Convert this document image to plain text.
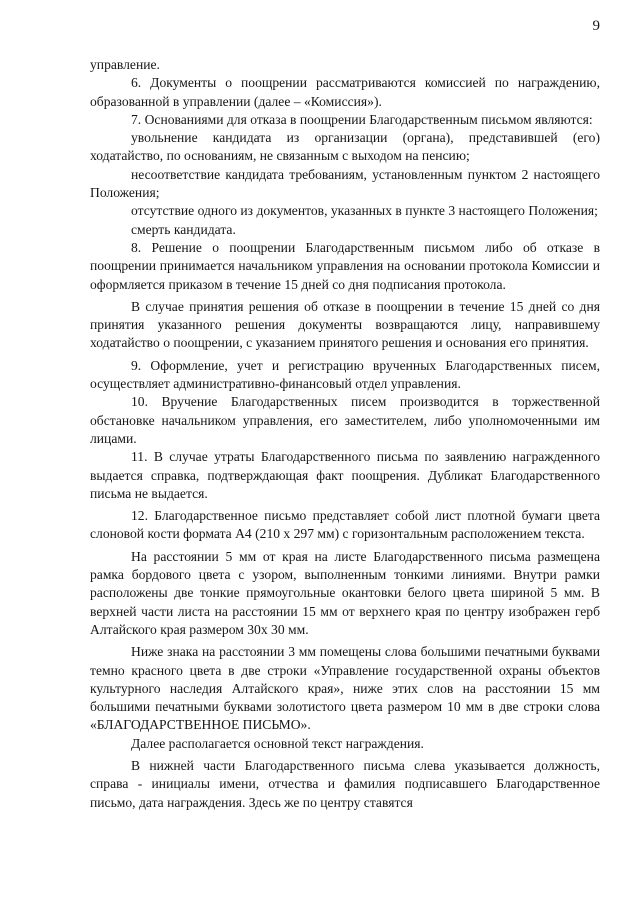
9

управление.

6. Документы о поощрении рассматриваются комиссией по награждению, образованной в управлении (далее – «Комиссия»).

7. Основаниями для отказа в поощрении Благодарственным письмом являются:

увольнение кандидата из организации (органа), представившей (его) ходатайство, по основаниям, не связанным с выходом на пенсию;

несоответствие кандидата требованиям, установленным пунктом 2 настоящего Положения;

отсутствие одного из документов, указанных в пункте 3 настоящего Положения;

смерть кандидата.

8. Решение о поощрении Благодарственным письмом либо об отказе в поощрении принимается начальником управления на основании протокола Комиссии и оформляется приказом в течение 15 дней со дня подписания протокола.

В случае принятия решения об отказе в поощрении в течение 15 дней со дня принятия указанного решения документы возвращаются лицу, направившему ходатайство о поощрении, с указанием принятого решения и основания его принятия.

9. Оформление, учет и регистрацию врученных Благодарственных писем, осуществляет административно-финансовый отдел управления.

10. Вручение Благодарственных писем производится в торжественной обстановке начальником управления, его заместителем, либо уполномоченными им лицами.

11. В случае утраты Благодарственного письма по заявлению награжденного выдается справка, подтверждающая факт поощрения. Дубликат Благодарственного письма не выдается.

12. Благодарственное письмо представляет собой лист плотной бумаги цвета слоновой кости формата А4 (210 х 297 мм) с горизонтальным расположением текста.

На расстоянии 5 мм от края на листе Благодарственного письма размещена рамка бордового цвета с узором, выполненным тонкими линиями. Внутри рамки расположены две тонкие прямоугольные окантовки белого цвета шириной 5 мм. В верхней части листа на расстоянии 15 мм от верхнего края по центру изображен герб Алтайского края размером 30х 30 мм.

Ниже знака на расстоянии 3 мм помещены слова большими печатными буквами темно красного цвета в две строки «Управление государственной охраны объектов культурного наследия Алтайского края», ниже этих слов на расстоянии 15 мм большими печатными буквами золотистого цвета размером 10 мм в две строки слова «БЛАГОДАРСТВЕННОЕ ПИСЬМО».

Далее располагается основной текст награждения.

В нижней части Благодарственного письма слева указывается должность, справа - инициалы имени, отчества и фамилия подписавшего Благодарственное письмо, дата награждения. Здесь же по центру ставятся
